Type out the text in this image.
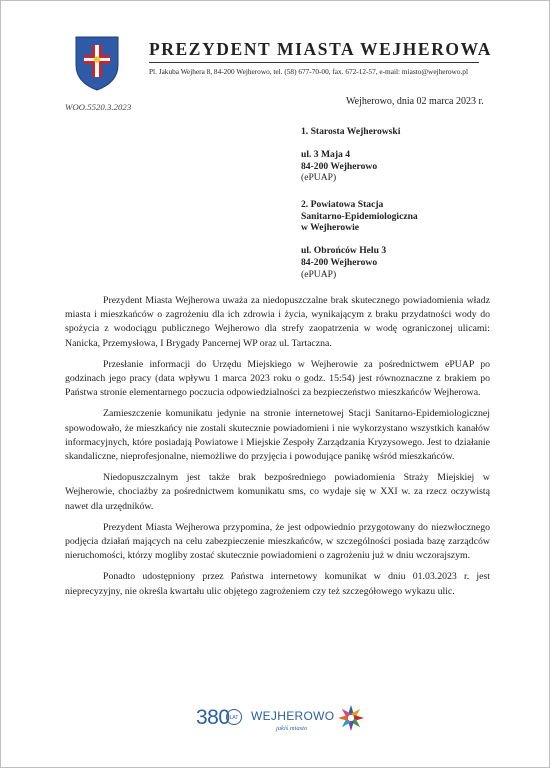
PREZYDENT MIASTA WEJHEROWA
Pl. Jakuba Wejhera 8, 84-200 Wejherowo, tel. (58) 677-70-00, fax. 672-12-57, e-mail: miasto@wejherowo.pl
WOO.5520.3.2023	Wejherowo, dnia 02 marca 2023 r.
1. Starosta Wejherowski
ul. 3 Maja 4
84-200 Wejherowo
(ePUAP)
2. Powiatowa Stacja
Sanitarno-Epidemiologiczna
w Wejherowie
ul. Obrońców Helu 3
84-200 Wejherowo
(ePUAP)

Prezydent Miasta Wejherowa uważa za niedopuszczalne brak skutecznego powiadomienia władz miasta i mieszkańców o zagrożeniu dla ich zdrowia i życia, wynikającym z braku przydatności wody do spożycia z wodociągu publicznego Wejherowo dla strefy zaopatrzenia w wodę ograniczonej ulicami: Nanicka, Przemysłowa, I Brygady Pancernej WP oraz ul. Tartaczna.

Przesłanie informacji do Urzędu Miejskiego w Wejherowie za pośrednictwem ePUAP po godzinach jego pracy (data wpływu 1 marca 2023 roku o godz. 15:54) jest równoznaczne z brakiem po Państwa stronie elementarnego poczucia odpowiedzialności za bezpieczeństwo mieszkańców Wejherowa.

Zamieszczenie komunikatu jedynie na stronie internetowej Stacji Sanitarno-Epidemiologicznej spowodowało, że mieszkańcy nie zostali skutecznie powiadomieni i nie wykorzystano wszystkich kanałów informacyjnych, które posiadają Powiatowe i Miejskie Zespoły Zarządzania Kryzysowego. Jest to działanie skandaliczne, nieprofesjonalne, niemożliwe do przyjęcia i powodujące panikę wśród mieszkańców.

Niedopuszczalnym jest także brak bezpośredniego powiadomienia Straży Miejskiej w Wejherowie, chociażby za pośrednictwem komunikatu sms, co wydaje się w XXI w. za rzecz oczywistą nawet dla urzędników.

Prezydent Miasta Wejherowa przypomina, że jest odpowiednio przygotowany do niezwłocznego podjęcia działań mających na celu zabezpieczenie mieszkańców, w szczególności posiada bazę zarządców nieruchomości, którzy mogliby zostać skutecznie powiadomieni o zagrożeniu już w dniu wczorajszym.

Ponadto udostępniony przez Państwa internetowy komunikat w dniu 01.03.2023 r. jest nieprecyzyjny, nie określa kwartału ulic objętego zagrożeniem czy też szczegółowego wykazu ulic.

380 LAT WEJHEROWO
jakiś miasto
